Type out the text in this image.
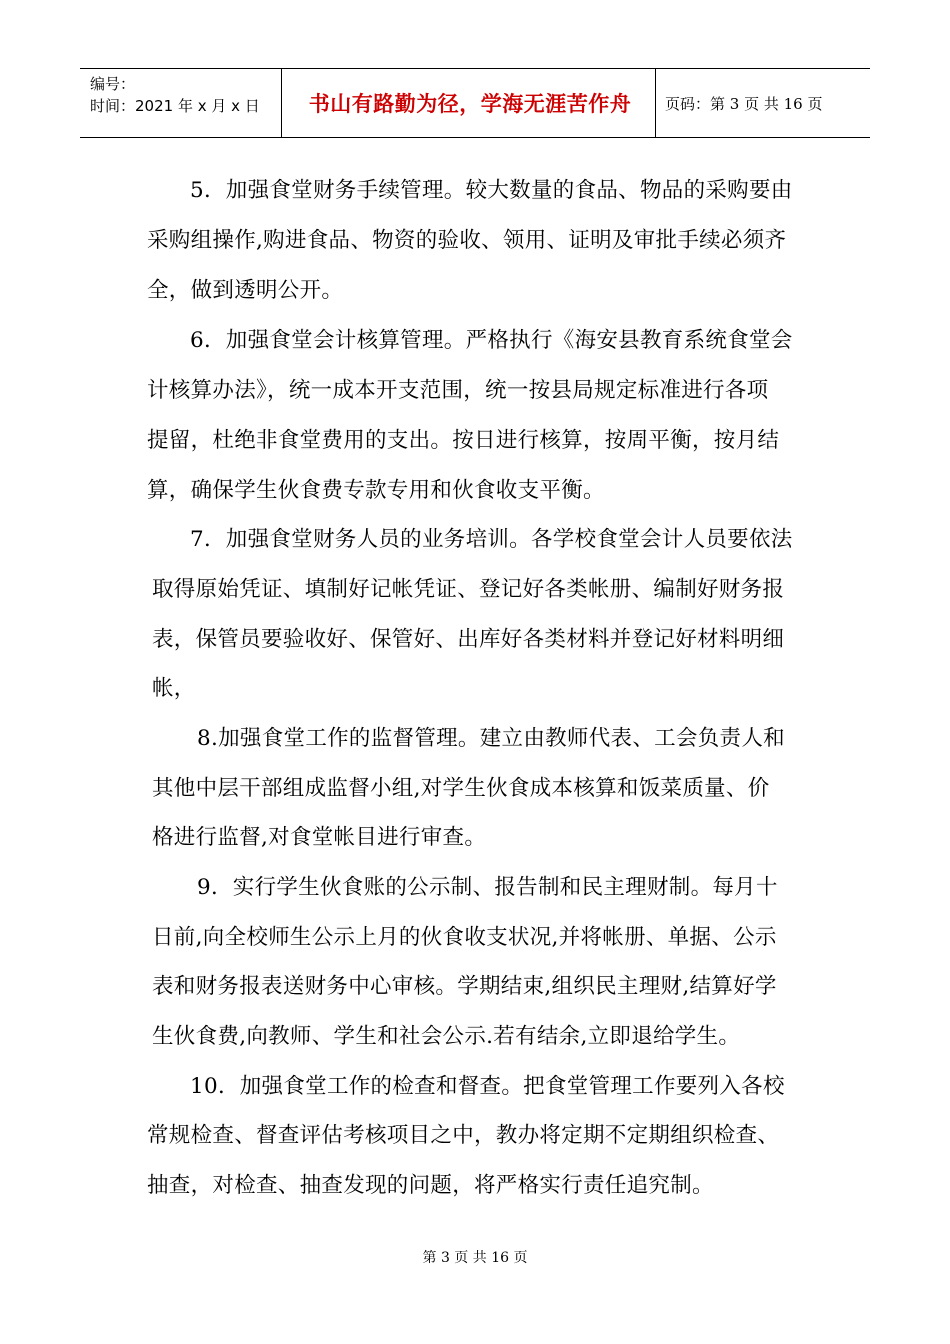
编号：
时间：2021 年 x 月 x 日	书山有路勤为径，学海无涯苦作舟	页码：第 3 页 共 16 页
5．加强食堂财务手续管理。较大数量的食品、物品的采购要由
采购组操作,购进食品、物资的验收、领用、证明及审批手续必须齐
全，做到透明公开。
6．加强食堂会计核算管理。严格执行《海安县教育系统食堂会
计核算办法》，统一成本开支范围，统一按县局规定标准进行各项
提留，杜绝非食堂费用的支出。按日进行核算，按周平衡，按月结
算，确保学生伙食费专款专用和伙食收支平衡。
7．加强食堂财务人员的业务培训。各学校食堂会计人员要依法
取得原始凭证、填制好记帐凭证、登记好各类帐册、编制好财务报
表，保管员要验收好、保管好、出库好各类材料并登记好材料明细
帐，
8.加强食堂工作的监督管理。建立由教师代表、工会负责人和
其他中层干部组成监督小组,对学生伙食成本核算和饭菜质量、价
格进行监督,对食堂帐目进行审查。
9．实行学生伙食账的公示制、报告制和民主理财制。每月十
日前,向全校师生公示上月的伙食收支状况,并将帐册、单据、公示
表和财务报表送财务中心审核。学期结束,组织民主理财,结算好学
生伙食费,向教师、学生和社会公示.若有结余,立即退给学生。
10．加强食堂工作的检查和督查。把食堂管理工作要列入各校
常规检查、督查评估考核项目之中，教办将定期不定期组织检查、
抽查，对检查、抽查发现的问题，将严格实行责任追究制。
第 3 页 共 16 页
